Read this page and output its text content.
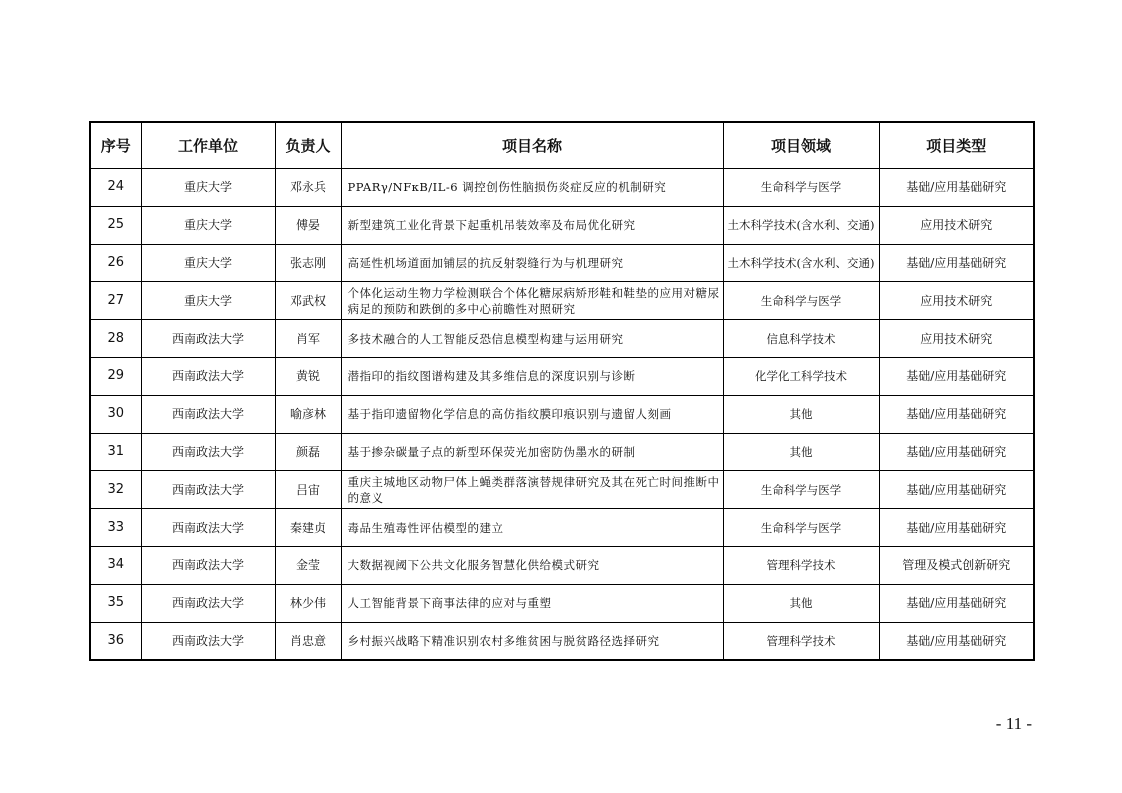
序号	工作单位	负责人	项目名称	项目领域	项目类型
24	重庆大学	邓永兵	PPARγ/NFκB/IL-6 调控创伤性脑损伤炎症反应的机制研究	生命科学与医学	基础/应用基础研究
25	重庆大学	傅晏	新型建筑工业化背景下起重机吊装效率及布局优化研究	土木科学技术(含水利、交通)	应用技术研究
26	重庆大学	张志刚	高延性机场道面加铺层的抗反射裂缝行为与机理研究	土木科学技术(含水利、交通)	基础/应用基础研究
27	重庆大学	邓武权	个体化运动生物力学检测联合个体化糖尿病矫形鞋和鞋垫的应用对糖尿病足的预防和跌倒的多中心前瞻性对照研究	生命科学与医学	应用技术研究
28	西南政法大学	肖军	多技术融合的人工智能反恐信息模型构建与运用研究	信息科学技术	应用技术研究
29	西南政法大学	黄锐	潜指印的指纹图谱构建及其多维信息的深度识别与诊断	化学化工科学技术	基础/应用基础研究
30	西南政法大学	喻彦林	基于指印遗留物化学信息的高仿指纹膜印痕识别与遗留人刻画	其他	基础/应用基础研究
31	西南政法大学	颜磊	基于掺杂碳量子点的新型环保荧光加密防伪墨水的研制	其他	基础/应用基础研究
32	西南政法大学	吕宙	重庆主城地区动物尸体上蝇类群落演替规律研究及其在死亡时间推断中的意义	生命科学与医学	基础/应用基础研究
33	西南政法大学	秦建贞	毒品生殖毒性评估模型的建立	生命科学与医学	基础/应用基础研究
34	西南政法大学	金莹	大数据视阈下公共文化服务智慧化供给模式研究	管理科学技术	管理及模式创新研究
35	西南政法大学	林少伟	人工智能背景下商事法律的应对与重塑	其他	基础/应用基础研究
36	西南政法大学	肖忠意	乡村振兴战略下精准识别农村多维贫困与脱贫路径选择研究	管理科学技术	基础/应用基础研究
- 11 -
